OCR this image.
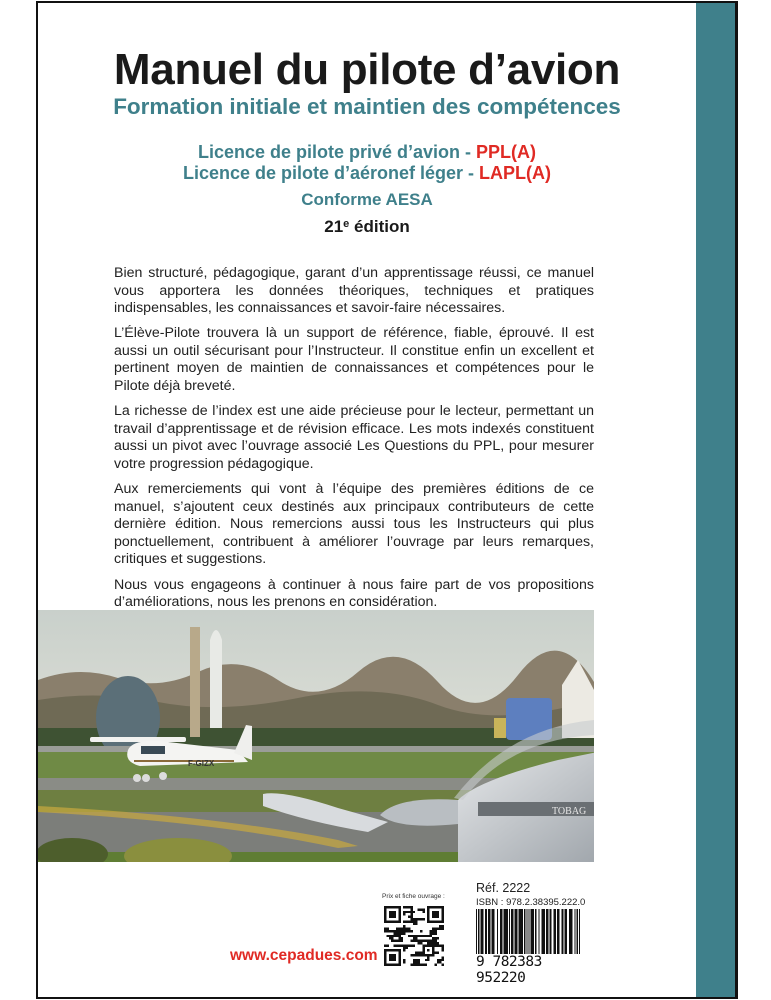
Manuel du pilote d’avion
Formation initiale et maintien des compétences
Licence de pilote privé d’avion - PPL(A)
Licence de pilote d’aéronef léger - LAPL(A)
Conforme AESA
21e édition

Bien structuré, pédagogique, garant d’un apprentissage réussi, ce manuel vous apportera les données théoriques, techniques et pratiques indispensables, les connaissances et savoir-faire nécessaires.

L’Élève-Pilote trouvera là un support de référence, fiable, éprouvé. Il est aussi un outil sécurisant pour l’Instructeur. Il constitue enfin un excellent et pertinent moyen de maintien de connaissances et compétences pour le Pilote déjà breveté.

La richesse de l’index est une aide précieuse pour le lecteur, permettant un travail d’apprentissage et de révision efficace. Les mots indexés constituent aussi un pivot avec l’ouvrage associé Les Questions du PPL, pour mesurer votre progression pédagogique.

Aux remerciements qui vont à l’équipe des premières éditions de ce manuel, s’ajoutent ceux destinés aux principaux contributeurs de cette dernière édition. Nous remercions aussi tous les Instructeurs qui plus ponctuellement, contribuent à améliorer l’ouvrage par leurs remarques, critiques et suggestions.

Nous vous engageons à continuer à nous faire part de vos propositions d’améliorations, nous les prenons en considération.

F-GIZX
TOBAG
www.cepadues.com
Prix et fiche ouvrage :
Réf. 2222
ISBN : 978.2.38395.222.0
9 782383 952220
